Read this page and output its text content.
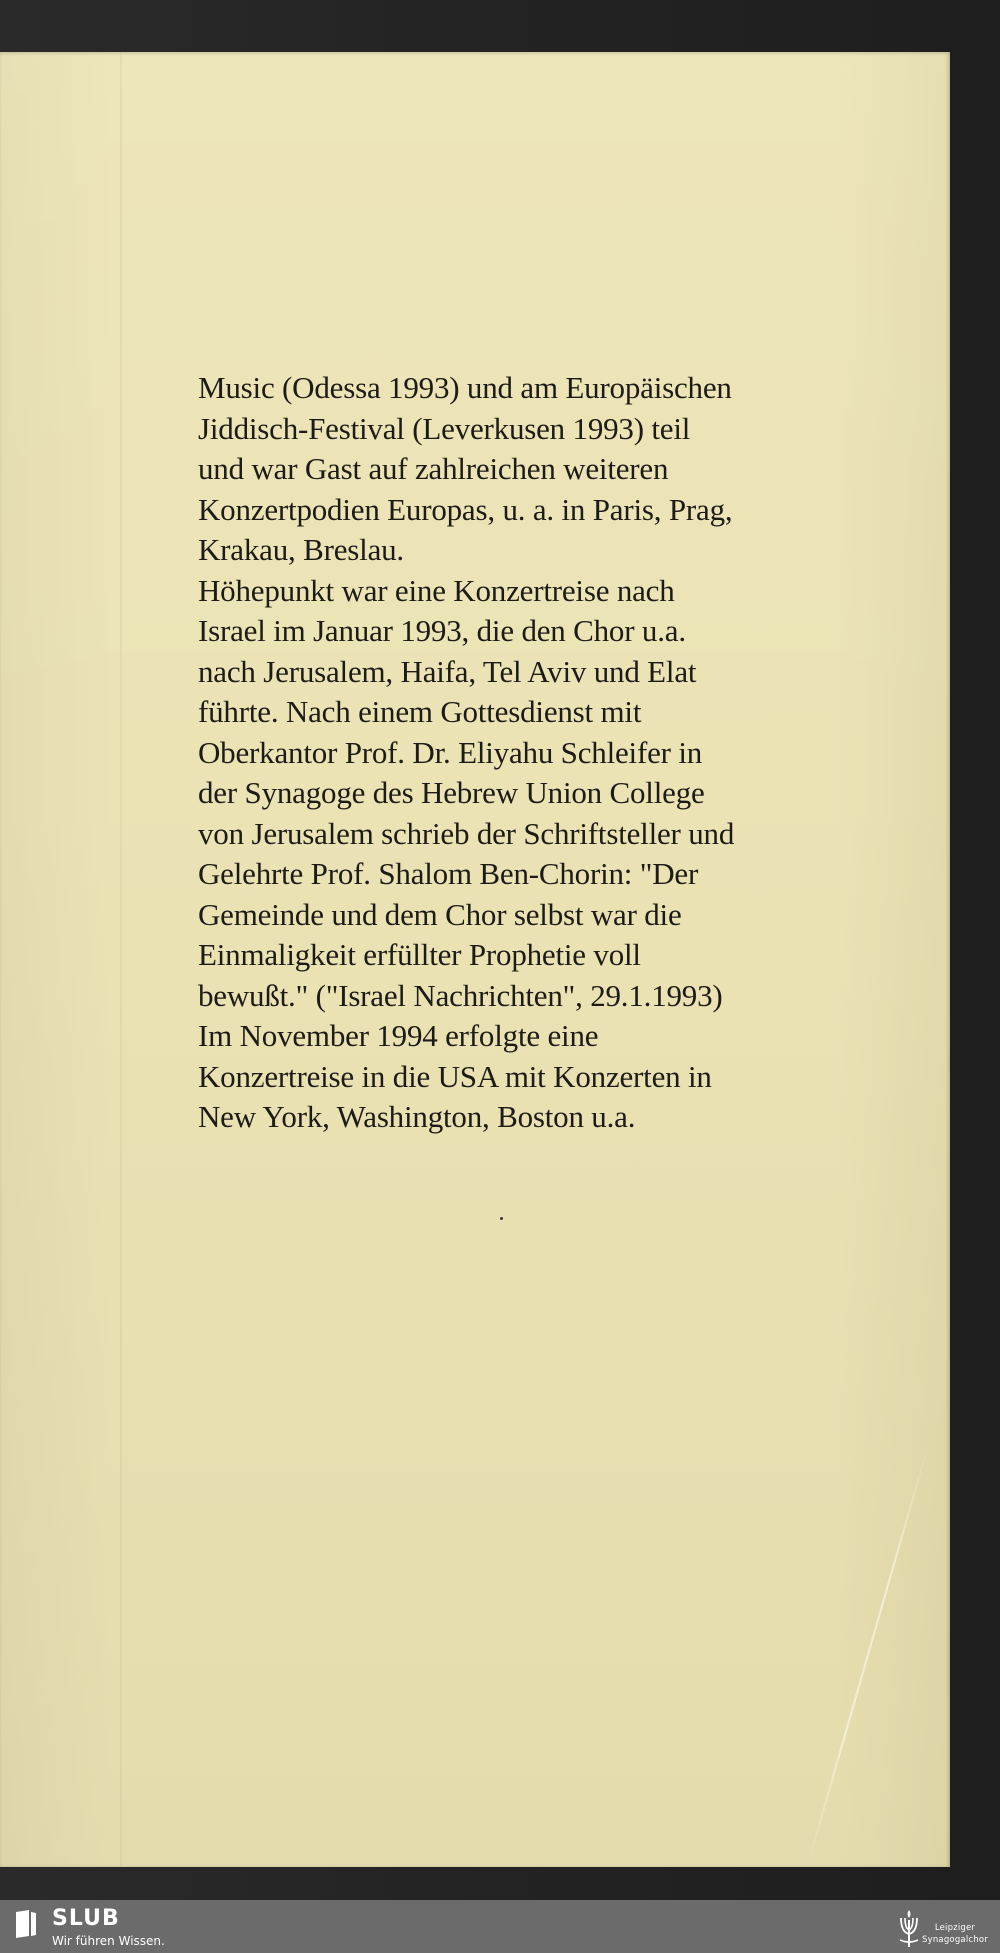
Music (Odessa 1993) und am Europäischen
Jiddisch-Festival (Leverkusen 1993) teil
und war Gast auf zahlreichen weiteren
Konzertpodien Europas, u. a. in Paris, Prag,
Krakau, Breslau.
Höhepunkt war eine Konzertreise nach
Israel im Januar 1993, die den Chor u.a.
nach Jerusalem, Haifa, Tel Aviv und Elat
führte. Nach einem Gottesdienst mit
Oberkantor Prof. Dr. Eliyahu Schleifer in
der Synagoge des Hebrew Union College
von Jerusalem schrieb der Schriftsteller und
Gelehrte Prof. Shalom Ben-Chorin: "Der
Gemeinde und dem Chor selbst war die
Einmaligkeit erfüllter Prophetie voll
bewußt." ("Israel Nachrichten", 29.1.1993)
Im November 1994 erfolgte eine
Konzertreise in die USA mit Konzerten in
New York, Washington, Boston u.a.

SLUB
Wir führen Wissen.
Leipziger
Synagogalchor
